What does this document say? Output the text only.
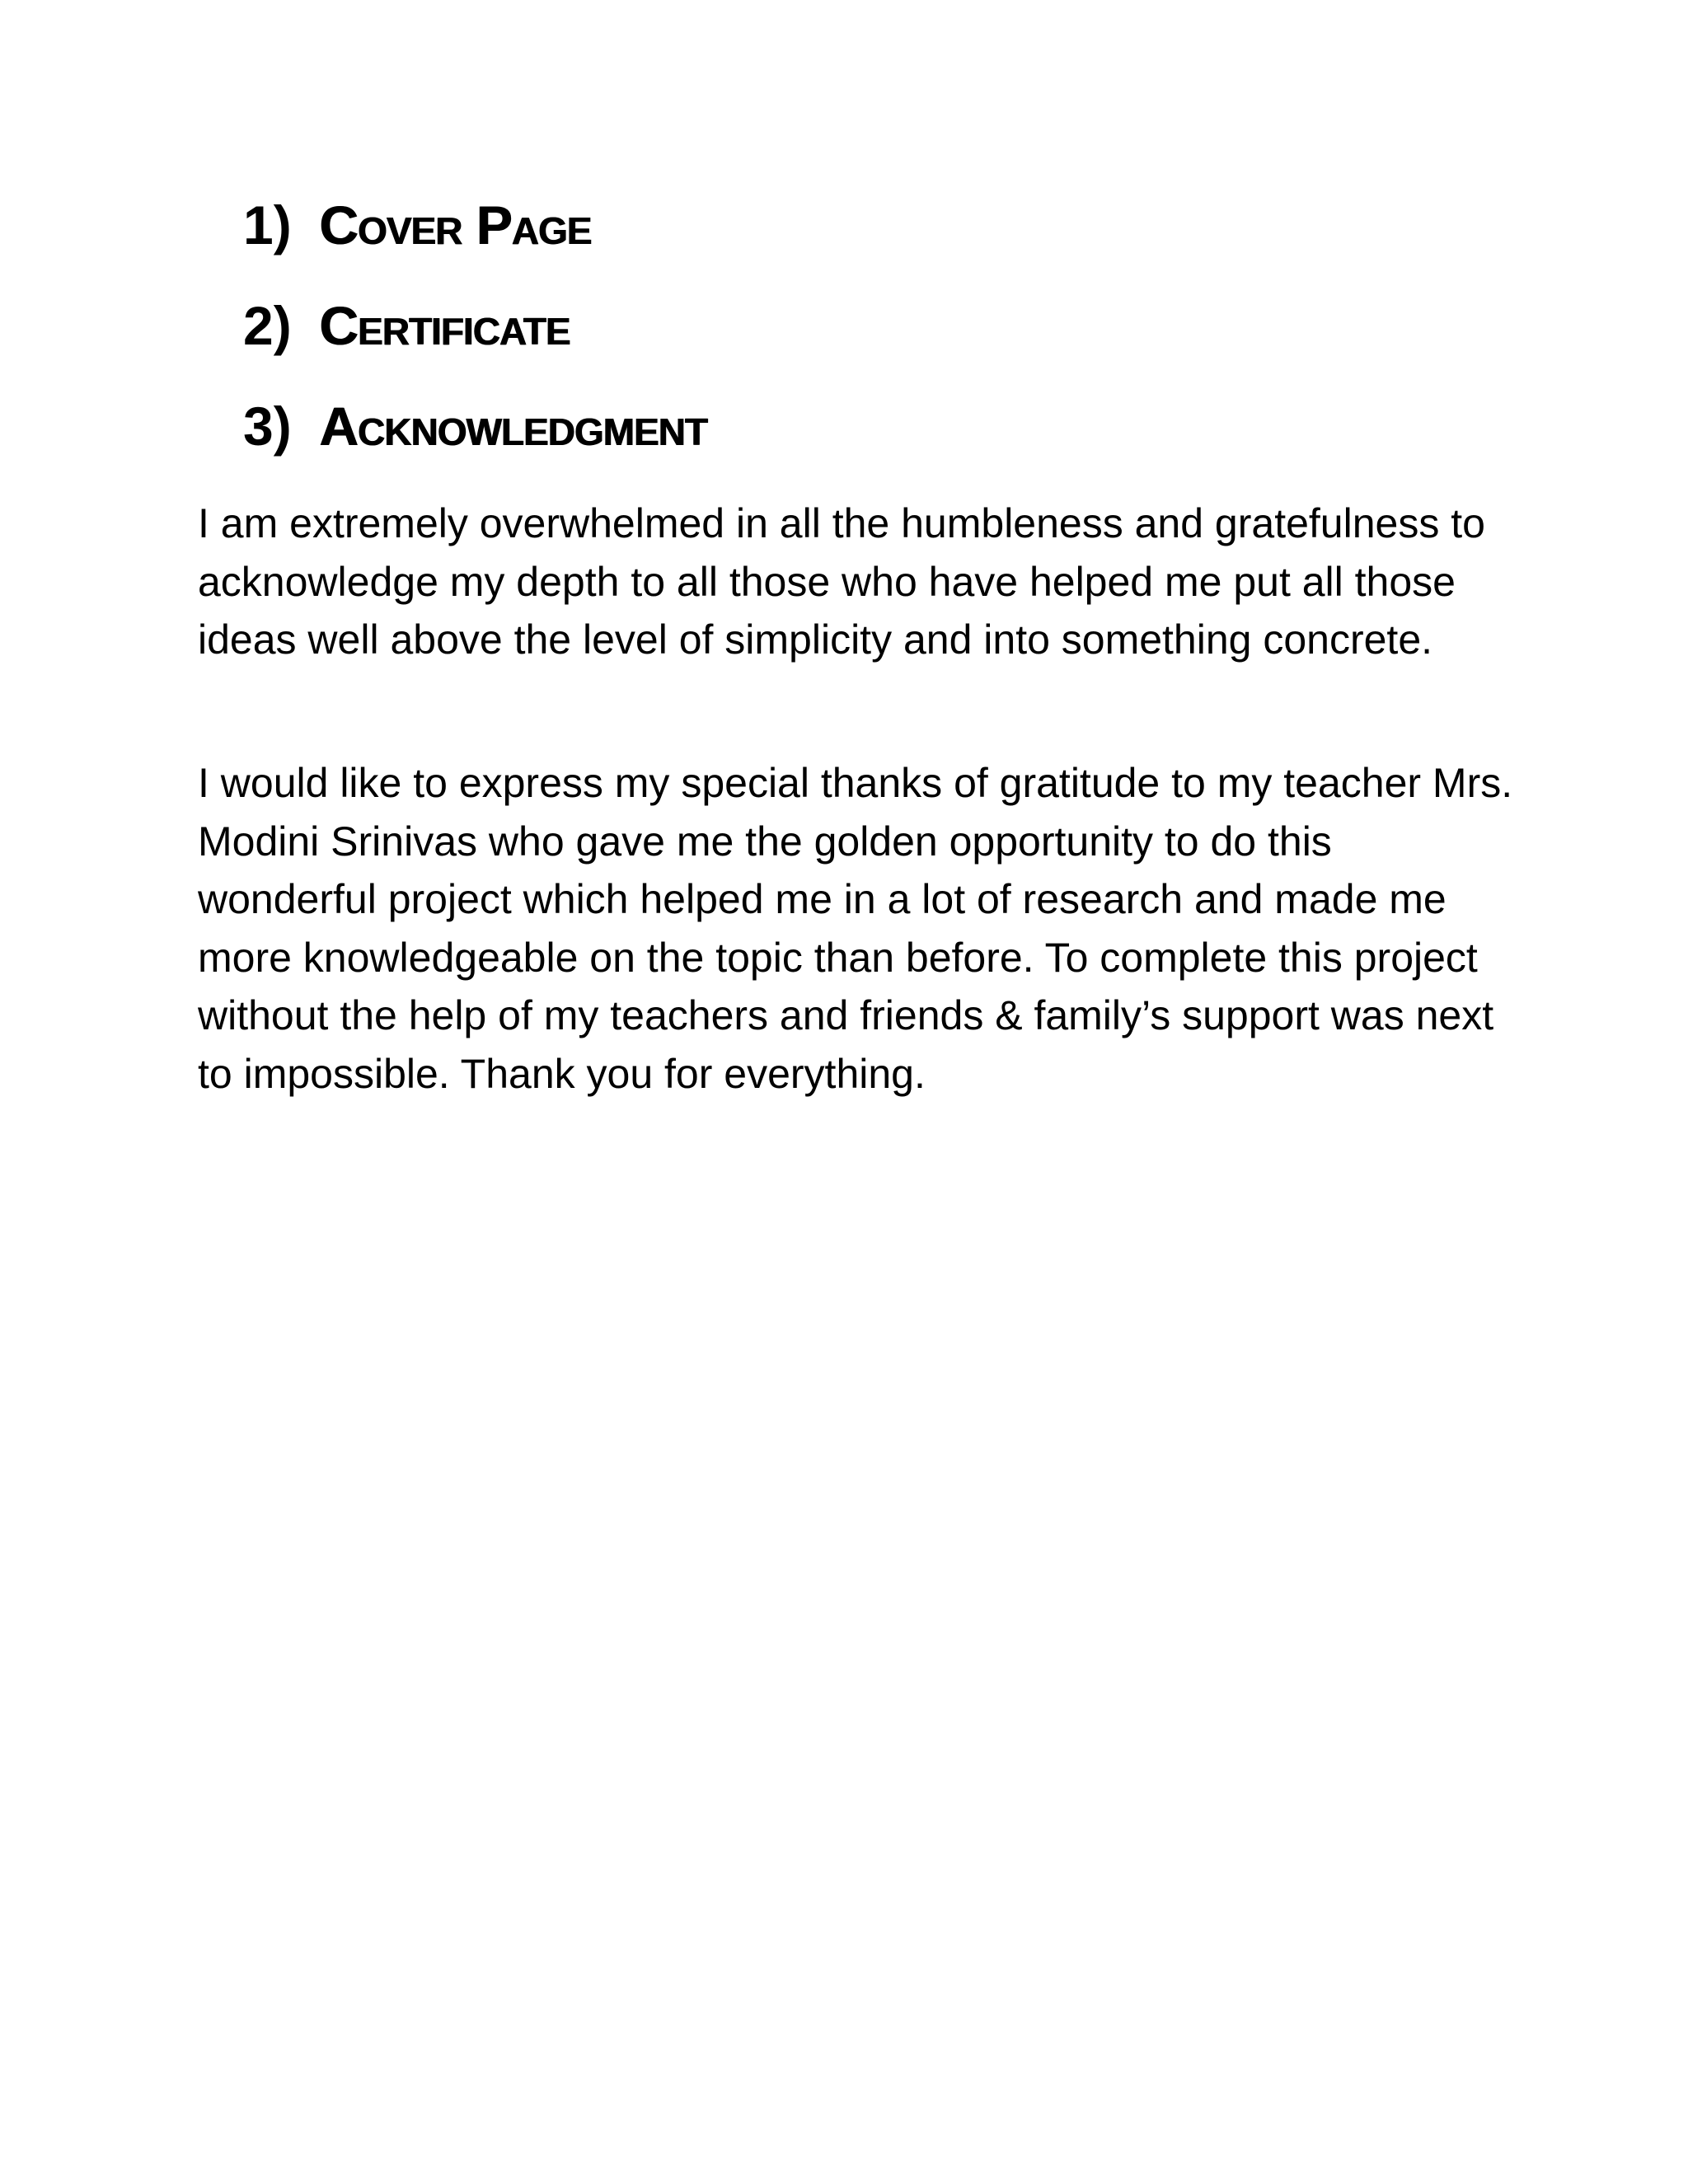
1) Cover Page
2) Certificate
3) Acknowledgment

I am extremely overwhelmed in all the humbleness and gratefulness to acknowledge my depth to all those who have helped me put all those ideas well above the level of simplicity and into something concrete.

I would like to express my special thanks of gratitude to my teacher Mrs. Modini Srinivas who gave me the golden opportunity to do this wonderful project which helped me in a lot of research and made me more knowledgeable on the topic than before. To complete this project without the help of my teachers and friends & family’s support was next to impossible. Thank you for everything.
